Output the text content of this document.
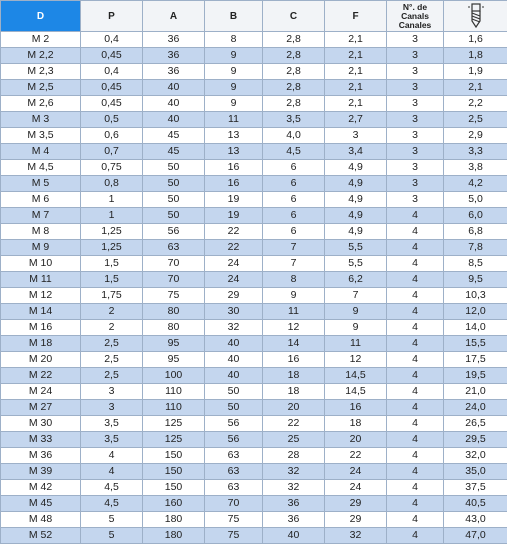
D	P	A	B	C	F	N°. de
Canals
Canales

M 2	0,4	36	8	2,8	2,1	3	1,6
M 2,2	0,45	36	9	2,8	2,1	3	1,8
M 2,3	0,4	36	9	2,8	2,1	3	1,9
M 2,5	0,45	40	9	2,8	2,1	3	2,1
M 2,6	0,45	40	9	2,8	2,1	3	2,2
M 3	0,5	40	11	3,5	2,7	3	2,5
M 3,5	0,6	45	13	4,0	3	3	2,9
M 4	0,7	45	13	4,5	3,4	3	3,3
M 4,5	0,75	50	16	6	4,9	3	3,8
M 5	0,8	50	16	6	4,9	3	4,2
M 6	1	50	19	6	4,9	3	5,0
M 7	1	50	19	6	4,9	4	6,0
M 8	1,25	56	22	6	4,9	4	6,8
M 9	1,25	63	22	7	5,5	4	7,8
M 10	1,5	70	24	7	5,5	4	8,5
M 11	1,5	70	24	8	6,2	4	9,5
M 12	1,75	75	29	9	7	4	10,3
M 14	2	80	30	11	9	4	12,0
M 16	2	80	32	12	9	4	14,0
M 18	2,5	95	40	14	11	4	15,5
M 20	2,5	95	40	16	12	4	17,5
M 22	2,5	100	40	18	14,5	4	19,5
M 24	3	110	50	18	14,5	4	21,0
M 27	3	110	50	20	16	4	24,0
M 30	3,5	125	56	22	18	4	26,5
M 33	3,5	125	56	25	20	4	29,5
M 36	4	150	63	28	22	4	32,0
M 39	4	150	63	32	24	4	35,0
M 42	4,5	150	63	32	24	4	37,5
M 45	4,5	160	70	36	29	4	40,5
M 48	5	180	75	36	29	4	43,0
M 52	5	180	75	40	32	4	47,0
